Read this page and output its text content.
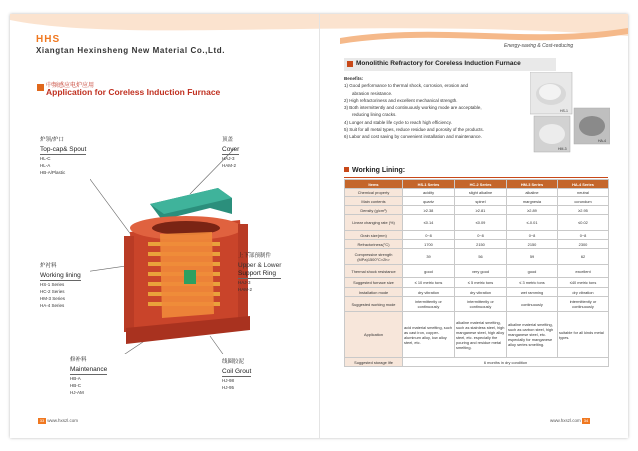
HHS
Xiangtan Hexinsheng New Material Co.,Ltd.	Energy-saving & Cost-reducing
中频感应电炉应用
Application for Coreless Induction Furnace
炉领/炉口
Top-cap& Spout
HL-C
HL-A
HB-A/Plastic
顶盖
Cover
HAJ-3
HAM-2
炉衬料
Working lining
HS-1 Series
HC-2 Series
HM-3 Series
HA-4 Series
上下部预制件
Upper & Lower
Support Ring
HAJ-3
HAM-2
修补料
Maintenance
HB-A
HB-C
HJ-AM
线圈胶泥
Coil Grout
HJ-98
HJ-95
Monolithic Refractory for Coreless Induction Furnace
Benefits:
1) Good performance to thermal shock, corrosion, erosion and
abrasion resistance.
2) High refractoriness and excellent mechanical strength.
3) Both intermittently and continuously working mode are acceptable,
reducing lining cracks.
4) Longer and stable life cycle to reach high efficiency.
5) Suit for all metal types, reduce residue and porosity of the products.
6) Labor and cost saving by convenient installation and maintenance.
HS-1
HA-4
HM-3
Working Lining:
Items	HS-1 Series	HC-2 Series	HM-3 Series	HA-4 Series
Chemical property	acidity	slight alkaline	alkaline	neutral
Main contents	quartz	spinel	margnesia	corundum
Density (g/cm³)	≥2.38	≥2.81	≥2.89	≥2.95
Linear changing rate (%)	≤0.14	≤0.09	≤-0.01	≤0.02
Grain size(mm)	0~8	0~8	0~8	0~8
Refractoriness(°C)	1700	2150	2150	2300
Compressive strength (MPa)1500°C×2h>	39	56	59	62
Thermal shock resistance	good	very good	good	excellent
Suggested furnace size	≤ 10 metric tons	≤ 5 metric tons	≤ 3 metric tons	≤40 metric tons
Installation mode	dry vibration	dry vibration	wet ramming	dry vibration
Suggested working mode	intermittently or continuously	intermittently or continuously	continuously	intermittently or continuously
Application	acid material smelting, such as cast iron, copper-aluminum alloy, low alloy steel, etc.	alkaline material smelting, such as stainless steel, high manganese steel, high alloy steel, etc. especially the pouring and residue metal smelting.	alkaline material smelting, such as carbon steel, high manganese steel, etc. especially for manganese alloy series smelting.	suitable for all kinds metal types.
Suggested storage life	6 months in dry condition			
33 www.hxszl.com	www.hxszl.com 34
